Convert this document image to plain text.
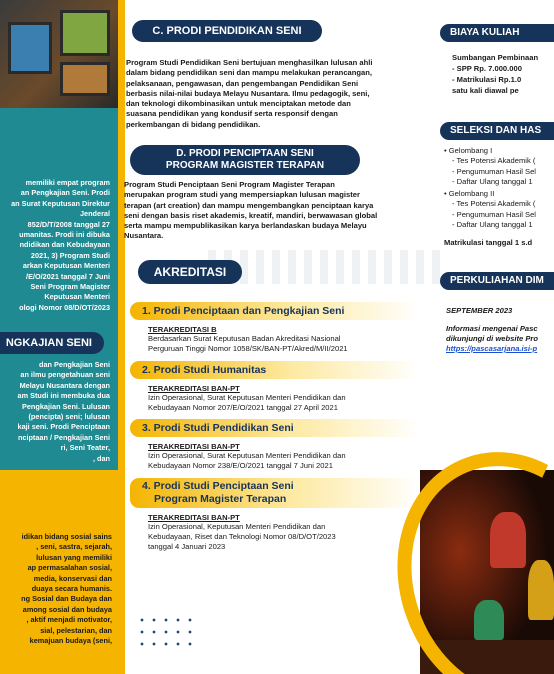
memiliki empat program
an Pengkajian Seni. Prodi
an Surat Keputusan Direktur Jenderal
852/D/T/2008 tanggal 27
umanitas. Prodi ini dibuka
ndidikan dan Kebudayaan
2021, 3) Program Studi
arkan Keputusan Menteri
/E/O/2021 tanggal 7 Juni
Seni Program Magister
Keputusan Menteri
ologi Nomor 08/D/OT/2023
dan Pengkajian Seni
an ilmu pengetahuan seni
Melayu Nusantara dengan
am Studi ini membuka dua
Pengkajian Seni. Lulusan
(pencipta) seni; lulusan
kaji seni. Prodi Penciptaan
nciptaan / Pengkajian Seni
ri, Seni Teater,
, dan
NGKAJIAN SENI
idikan bidang sosial sains
, seni, sastra, sejarah,
lulusan yang memiliki
ap permasalahan sosial,
media, konservasi dan
duaya secara humanis.
ng Sosial dan Budaya dan
among sosial dan budaya
, aktif menjadi motivator,
sial, pelestarian, dan
kemajuan budaya (seni,
C. PRODI PENDIDIKAN SENI
Program Studi Pendidikan Seni bertujuan menghasilkan lulusan ahli
dalam bidang pendidikan seni dan mampu melakukan perancangan,
pelaksanaan, pengawasan, dan pengembangan Pendidikan Seni
berbasis nilai-nilai budaya Melayu Nusantara. Ilmu pedagogik, seni,
dan teknologi dikombinasikan untuk menciptakan metode dan
suasana pendidikan yang kondusif serta responsif dengan
perkembangan di bidang pendidikan.
D. PRODI PENCIPTAAN SENI
PROGRAM MAGISTER TERAPAN
Program Studi Penciptaan Seni Program Magister Terapan
merupakan program studi yang mempersiapkan lulusan magister
terapan (art creation) dan mampu mengembangkan penciptaan karya
seni dengan basis riset akademis, kreatif, mandiri, berwawasan global
serta mampu mempublikasikan karya berlandaskan budaya Melayu
Nusantara.
AKREDITASI
1. Prodi Penciptaan dan Pengkajian Seni
TERAKREDITASI B
Berdasarkan Surat Keputusan Badan Akreditasi Nasional
Perguruan Tinggi Nomor 1058/SK/BAN-PT/Akred/M/II/2021
2. Prodi Studi Humanitas
TERAKREDITASI BAN-PT
Izin Operasional, Surat Keputusan Menteri Pendidikan dan
Kebudayaan Nomor 207/E/O/2021 tanggal 27 April 2021
3. Prodi Studi Pendidikan Seni
TERAKREDITASI BAN-PT
Izin Operasional, Surat Keputusan Menteri Pendidikan dan
Kebudayaan Nomor 238/E/O/2021 tanggal 7 Juni 2021
4. Prodi Studi Penciptaan Seni
Program Magister Terapan
TERAKREDITASI BAN-PT
Izin Operasional, Keputusan Menteri Pendidikan dan
Kebudayaan, Riset dan Teknologi Nomor 08/D/OT/2023
tanggal 4 Januari 2023
BIAYA KULIAH
Sumbangan Pembinaan
- SPP Rp. 7.000.000
- Matrikulasi Rp.1.0
satu kali diawal pe
SELEKSI DAN HAS
• Gelombang I
- Tes Potensi Akademik (
- Pengumuman Hasil Sel
- Daftar Ulang tanggal 1
• Gelombang II
- Tes Potensi Akademik (
- Pengumuman Hasil Sel
- Daftar Ulang tanggal 1
Matrikulasi tanggal 1 s.d
PERKULIAHAN DIM
SEPTEMBER 2023
Informasi mengenai Pasc
dikunjungi di website Pro
https://pascasarjana.isi-p
